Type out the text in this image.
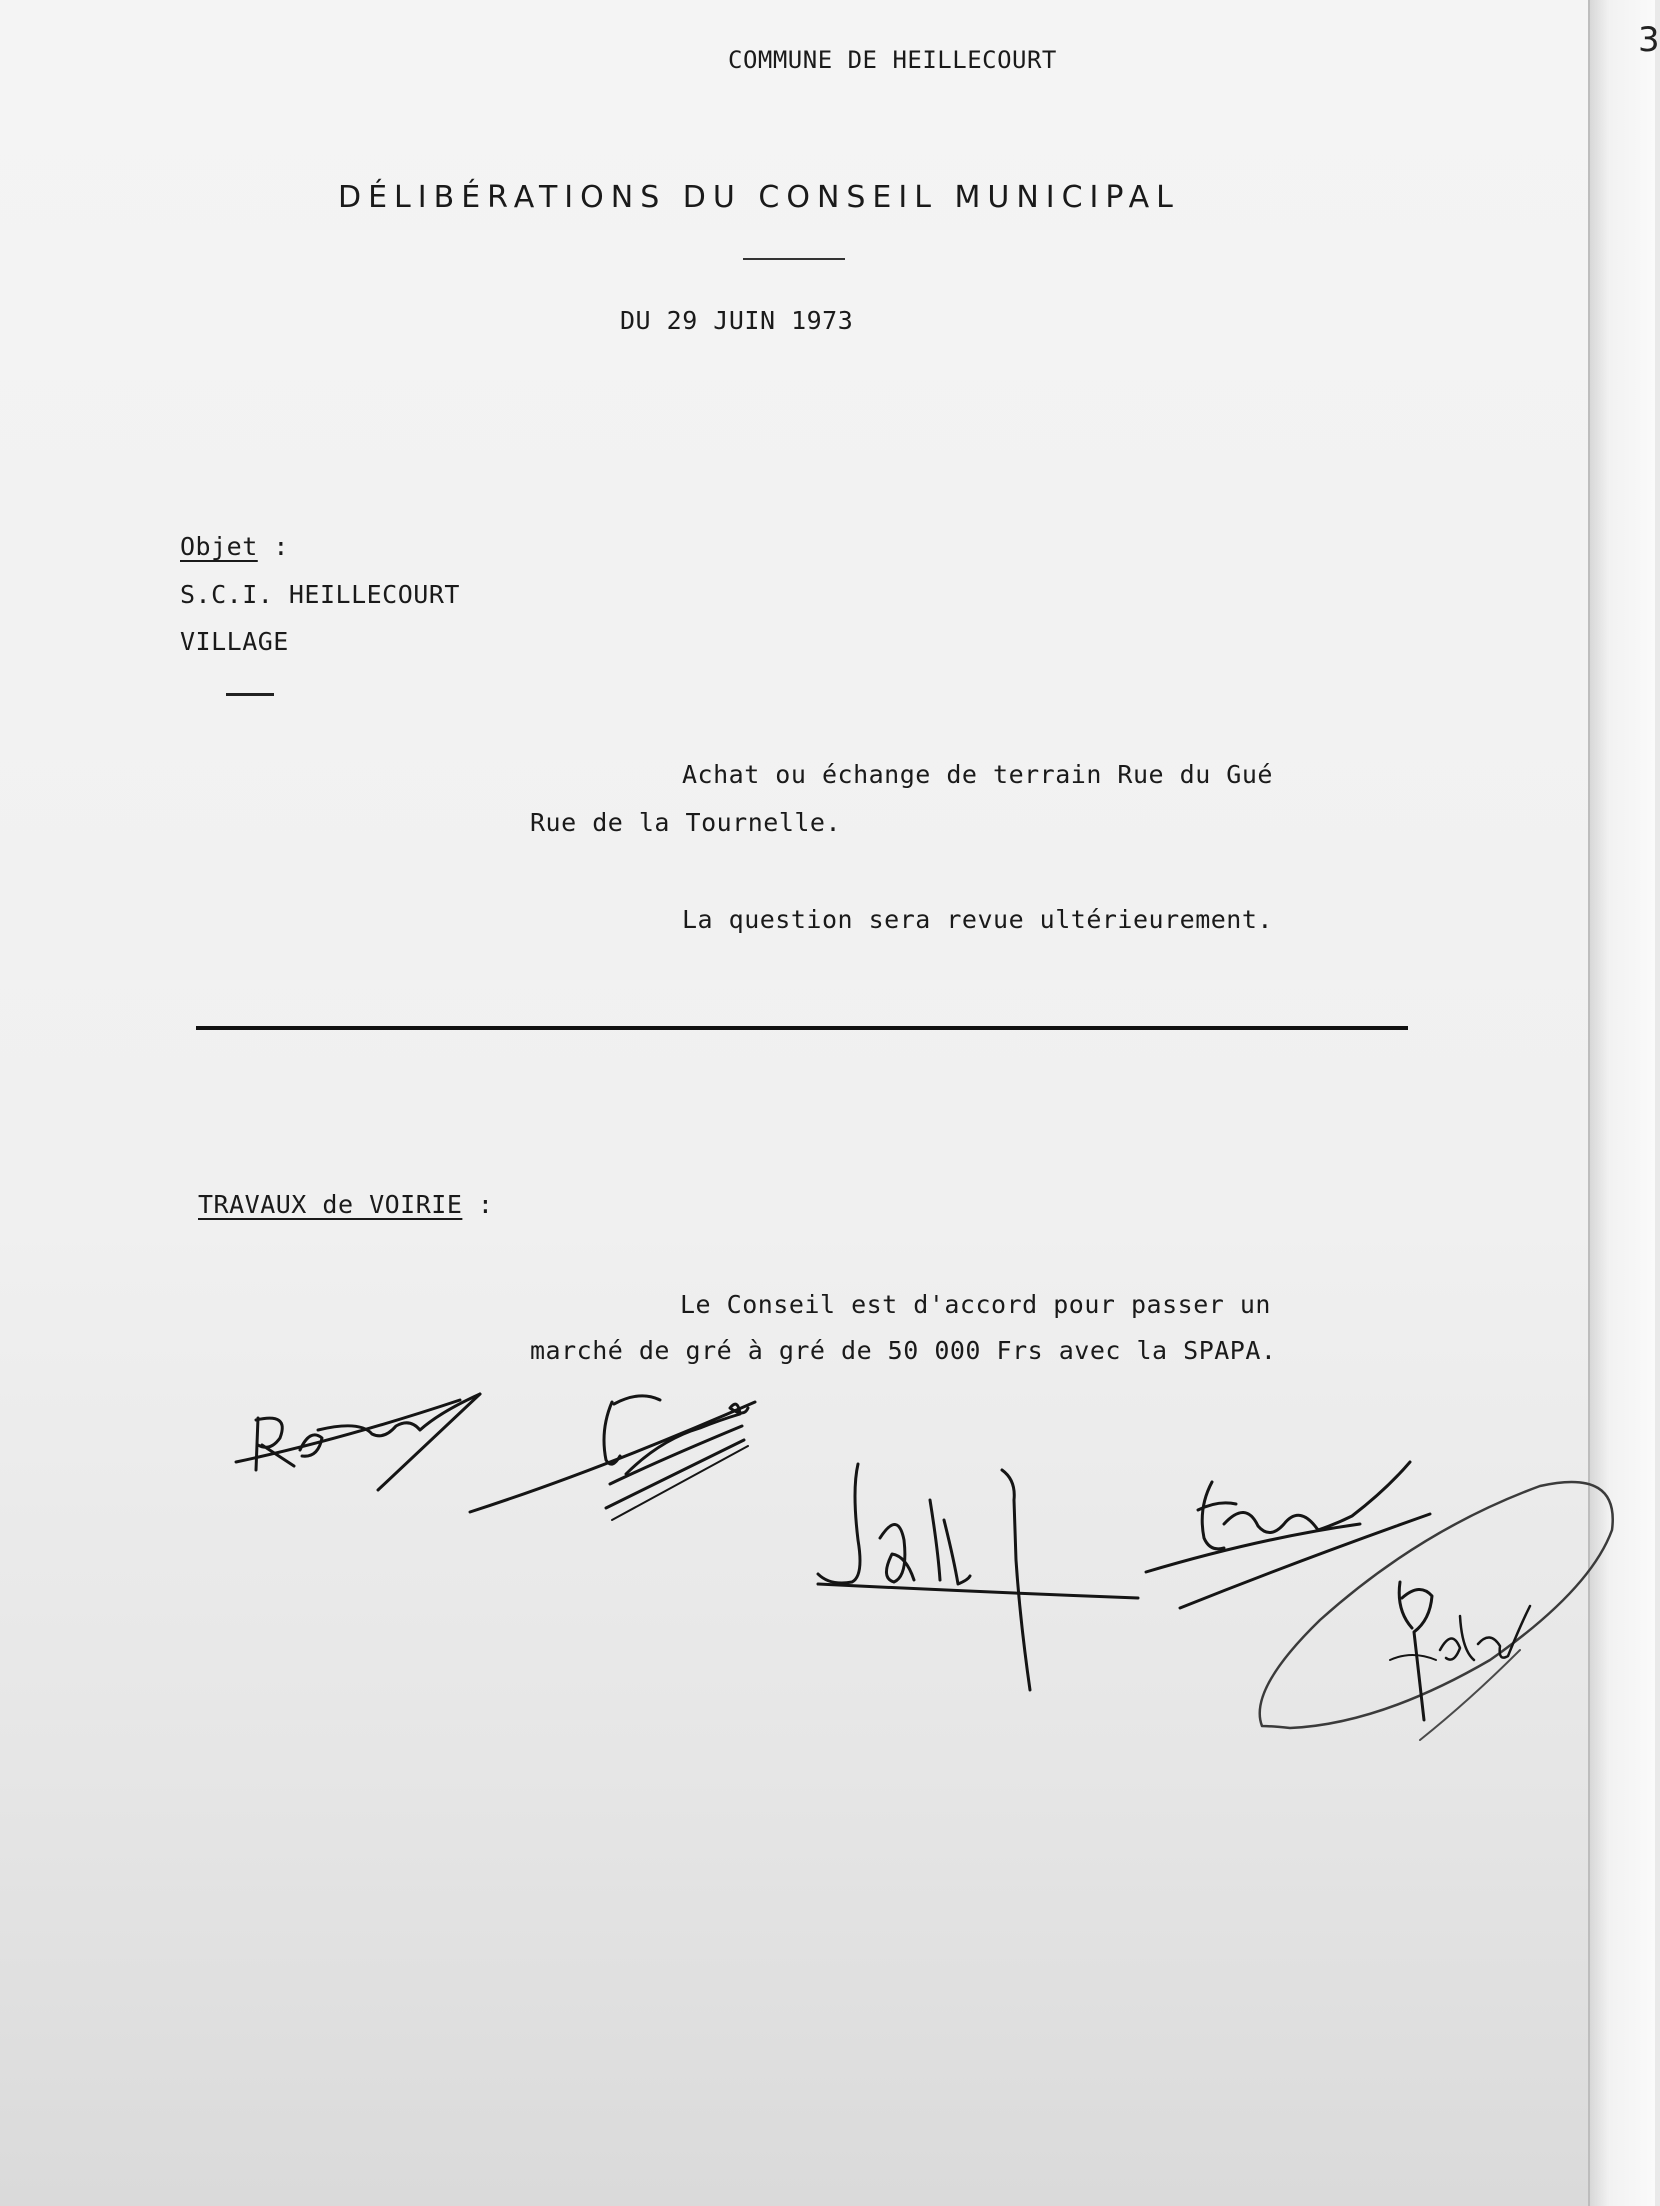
3
COMMUNE DE HEILLECOURT
DÉLIBÉRATIONS DU CONSEIL MUNICIPAL
DU 29 JUIN 1973
Objet :
S.C.I. HEILLECOURT
VILLAGE
Achat ou échange de terrain Rue du Gué
Rue de la Tournelle.
La question sera revue ultérieurement.
TRAVAUX de VOIRIE :
Le Conseil est d'accord pour passer un
marché de gré à gré de 50 000 Frs avec la SPAPA.
